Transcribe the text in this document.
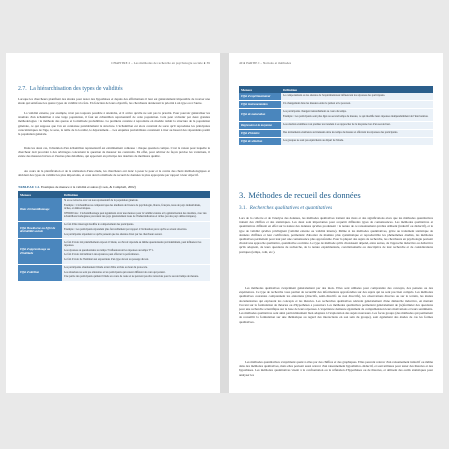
CHAPITRE 2 – Les méthodes de recherche en psychologie sociale ● 39
2.7. La hiérarchisation des types de validités
Lorsque les chercheurs planifient des études pour tester des hypothèses et depuis des affirmations il leur est généralement impossible de trouver une étude qui satisfasse les quatre types de validité à la fois. En fonction de leurs objectifs, les chercheurs donneront la priorité à un type ou à l'autre.
La validité externe, par exemple, n'est pas toujours possible à atteindre, et il arrive qu'elle ne soit pas la priorité. Pour pouvoir généraliser les résultats d'un échantillon à une large population, il faut un échantillon représentatif de cette population. Cela peut s'obtenir par deux grandes méthodologies : la méthode des quotas et la méthode probabiliste. La première consiste à reproduire en modèle réduit la structure de la population générale, ce qui suppose que l'on en connaisse préalablement la structure. L'échantillon est alors construit de sorte qu'il reproduise les principales caractéristiques de l'âge, le sexe, la taille de la localité, le département… Les enquêtes probabilistes consistent à tirer au hasard des répondants parmi la population générale.
Dans les deux cas, l'obtention d'un échantillon représentatif est extrêmement coûteuse : chaque question compte. C'est la raison pour laquelle le chercheur doit procéder à des arbitrages concernant la question de mesurer les construits. En effet, pour arbitrer de façon précise les variations, il existe des mesures brèves et d'autres plus détaillées, qui apportent en principe des résultats de meilleure qualité.
Au cours de la planification et de la réalisation d'une étude, les chercheurs ont donc à peser le pour et le contre des choix méthodologiques et décident des types de validité les plus importants, et ceux dont la méthode de recueil de données la plus appropriée par rapport à leur objectif.
TABLEAU 1.2. Exemples de menace à la validité et autres (Cook, & Campbell, 2002)
Menace	Définition
Biais d'échantillonnage	Si on se retrouve avec un non représentatif de la population générale.

Exemple : L'échantillon ne comprend que des étudiants de licence de psychologie, blancs, français, issus de pays industrialisés, riches, et démocratiques.

WEIRD bias : L'échantillonnage peut également avoir une menace pour la validité externe et la généralisation des résultats, avec des échantillons homogènes provenant des pays généralement issus de l'industrialisation et riches (ou des pays démocratiques).

Effet Hawthorne ou Effet de désirabilité sociale	Le fait d'être interrogé modifie le comportement des participants.

Exemple : Les participants répondent plus favorablement par rapport à l'évaluation parce qu'ils se savent observés.

Les participants répondent ce qu'ils pensent que les attentes d'eux par les chercheurs seront.

Effet d'apprentissage ou d'habitude	Le fait d'avoir été préalablement exposé à l'étude, ou d'avoir répondu au même questionnaire précédemment, peut influencer les réponses.

Les réponses au questionnaire au temps T influenceront les réponses au temps T+1.

Le fait d'avoir été habitué à des épreuves peut affecter la performance.

Le fait d'avoir de l'habileté aux expositions d'un type de test au passage du test.

Effet d'attrition	Les participants abandonnent l'étude avant d'être arrivés au bout du protocole.

Les abandons ne sont pas aléatoires et les participants qui restent diffèrent de ceux qui partent.

Une partie des participants quittent l'étude en cours de route et ne peuvent pas être retrouvés pour le second temps de mesure.

40 ● PARTIE I – Notions et méthodes
Menace	Définition
Effet d'expérimentateur	Le comportement ou les attentes de l'expérimentateur influencent les réponses des participants.

Effet instrumentation	Un changement dans les mesures entre le prétest et le post-test.

Effet de maturation	Les participants changent naturellement au cours du temps.

Exemple : Les participants sont plus âgés au second temps de mesure, ce qui modifie leurs réponses indépendamment de l'intervention.

Régression à la moyenne	Les résultats extrêmes à un premier test tendent à se rapprocher de la moyenne lors d'un second test.

Effet d'histoire	Des événements extérieurs surviennent entre les temps de mesure et affectent les réponses des participants.

Effet de sélection	Les groupes ne sont pas équivalents au départ de l'étude.

3. Méthodes de recueil des données
3.1. Recherches qualitatives et quantitatives
Lors de la collecte et de l'analyse des données, les méthodes qualitatives traitent des mots et des significations alors que les méthodes quantitatives traitent des chiffres et des statistiques. Les deux sont importantes pour acquérir différents types de connaissances. Les méthodes qualitatives et quantitatives diffèrent en effet sur la nature des données qu'elles produisent : la nature de ce raisonnement qu'elles utilisent (inductif ou déductif), et le type de validité qu'elles privilégient (validité externe ou validité interne). Même si les méthodes quantitatives, grâce au traitement statistique de données chiffrées et leur codification, permettent d'aborder de manière plus systématique et reproductible les phénomènes étudiés, les méthodes qualitatives permettent pour leur part une connaissance plus approfondie. Pour la plupart des sujets de recherche, les chercheurs en psychologie peuvent choisir une approche qualitative, quantitative ou mixte. Le type de méthode qu'ils choisissent dépend, entre autres, de l'approche inductive ou déductive qu'ils adoptent, de leurs questions de recherche, de la nature expérimentale, corrélationnelle ou descriptive de leur recherche et de considérations pratiques (temps, coût, etc.).
Les méthodes qualitatives s'expriment généralement par des mots. Elles sont utilisées pour comprendre des concepts, des pensées ou des expériences. Ce type de recherche vous permet de recueillir des informations approfondies sur des sujets qui ne sont pas bien compris. Les méthodes qualitatives courantes comprennent les entretiens (directifs, semi-directifs ou non directifs), les observations directes ou sur le terrain, les études documentaires qui explorent les concepts et les théories. Les recherches qualitatives relèvent généralement d'une démarche inductive, en mettant l'accent sur la formulation de théories ou d'hypothèses a posteriori. Les méthodes qualitatives permettent généralement de (re)formuler des questions pour une recherche scientifique sur la base de leurs réponses. L'expérience demeure également de compréhension leurs motivations et leurs sentiments. Les méthodes qualitatives sont ainsi particulièrement bien adaptées à l'exploration des sujets nouveaux. Les focus groups (des méthodes qui permettent de recueillir la formulation sur une thématique au regard des interactions en son sein du groupe), sont également des études de cas les formes qualitatives.
Les méthodes quantitatives s'expriment quant à elles par des chiffres et des graphiques. Elles peuvent relever d'un raisonnement inductif ou même dans des méthodes qualitatives, mais elles peuvent aussi relever d'un raisonnement hypothético-déductif, et sont utilisées pour tester des théories et des hypothèses. Les méthodes quantitatives visent à la confrontation ou la réfutation d'hypothèses ou de théories, et utilisent des outils statistiques pour analyser les
